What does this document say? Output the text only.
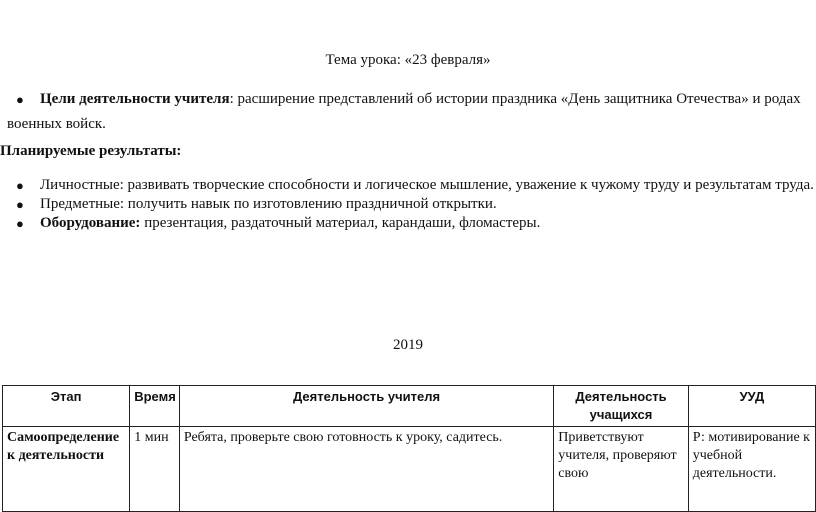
Тема урока: «23 февраля»
● Цели деятельности учителя: расширение представлений об истории праздника «День защитника Отечества» и родах
военных войск.
Планируемые результаты:
● Личностные: развивать творческие способности и логическое мышление, уважение к чужому труду и результатам труда.
● Предметные: получить навык по изготовлению праздничной открытки.
● Оборудование: презентация, раздаточный материал, карандаши, фломастеры.
2019
Этап	Время	Деятельность учителя	Деятельность учащихся	УУД
Самоопределение к деятельности	1 мин	Ребята, проверьте свою готовность к уроку, садитесь.	Приветствуют учителя, проверяют свою	Р: мотивирование к учебной деятельности.
